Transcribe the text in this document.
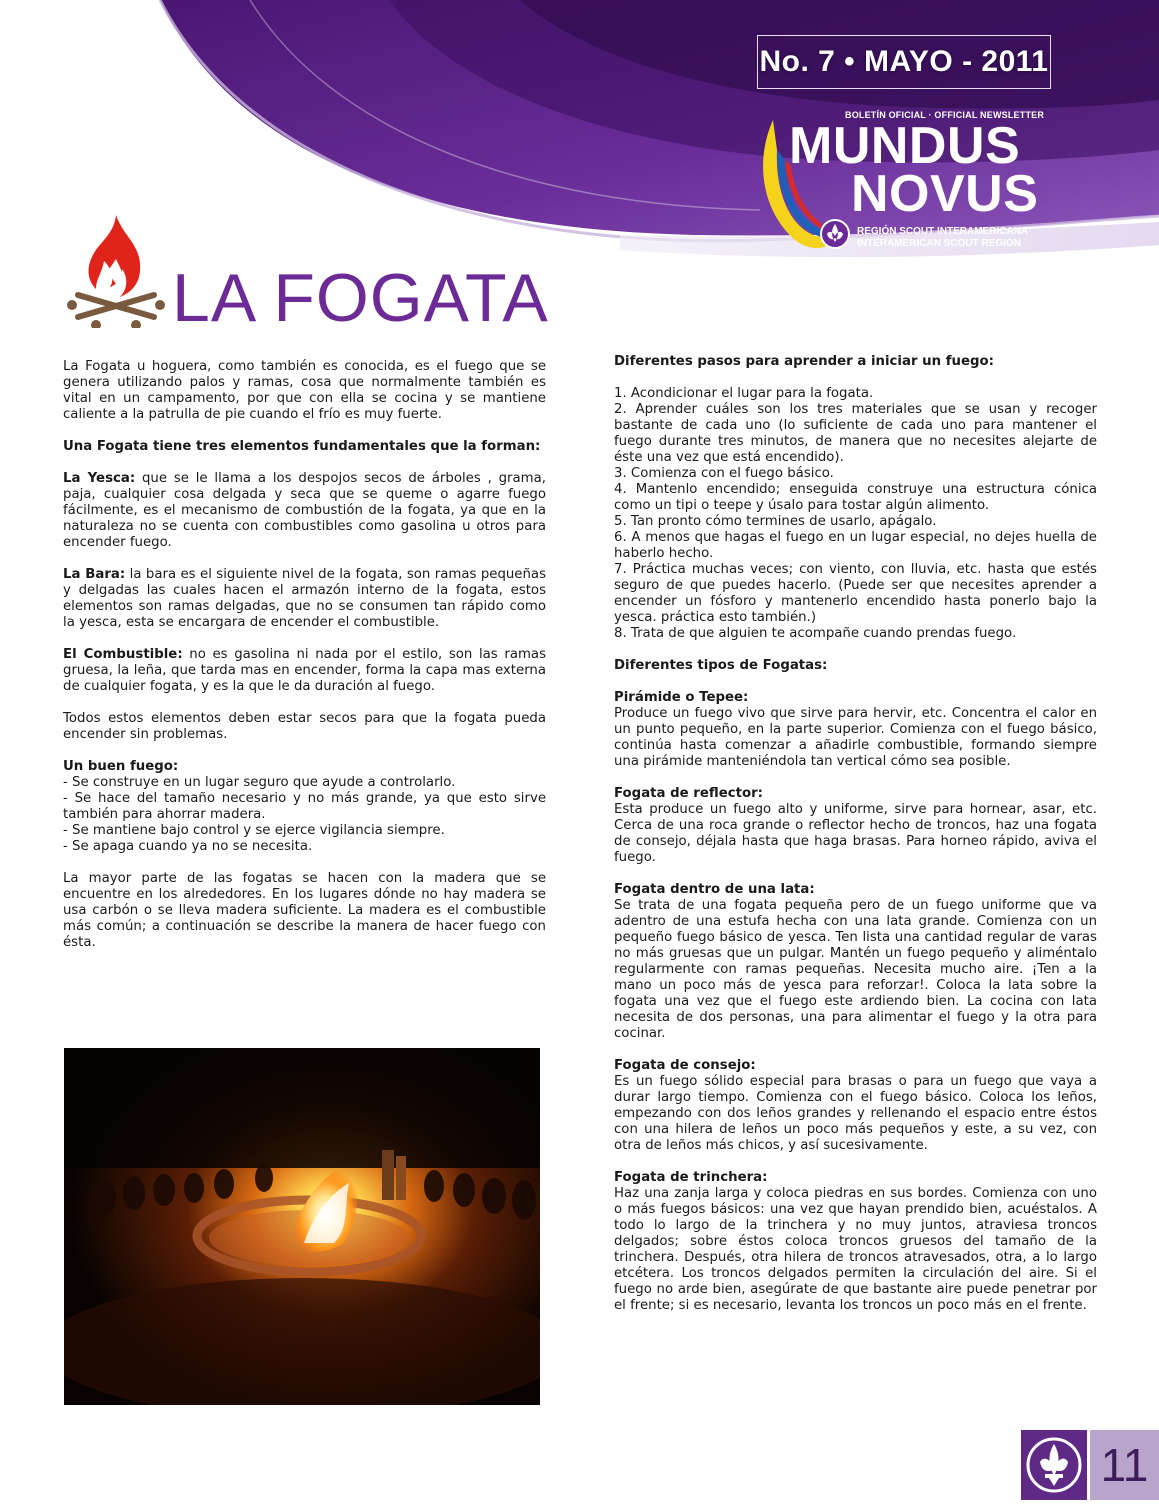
No. 7 • MAYO - 2011
BOLETÍN OFICIAL · OFFICIAL NEWSLETTER
MUNDUS
NOVUS
REGIÓN SCOUT INTERAMERICANA
INTERAMERICAN SCOUT REGION
LA FOGATA

La Fogata u hoguera, como también es conocida, es el fuego que se genera utilizando palos y ramas, cosa que normalmente también es vital en un campamento, por que con ella se cocina y se mantiene caliente a la patrulla de pie cuando el frío es muy fuerte.

Una Fogata tiene tres elementos fundamentales que la forman:

La Yesca: que se le llama a los despojos secos de árboles , grama, paja, cualquier cosa delgada y seca que se queme o agarre fuego fácilmente, es el mecanismo de combustión de la fogata, ya que en la naturaleza no se cuenta con combustibles como gasolina u otros para encender fuego.

La Bara: la bara es el siguiente nivel de la fogata, son ramas pequeñas y delgadas las cuales hacen el armazón interno de la fogata, estos elementos son ramas delgadas, que no se consumen tan rápido como la yesca, esta se encargara de encender el combustible.

El Combustible: no es gasolina ni nada por el estilo, son las ramas gruesa, la leña, que tarda mas en encender, forma la capa mas externa de cualquier fogata, y es la que le da duración al fuego.

Todos estos elementos deben estar secos para que la fogata pueda encender sin problemas.

Un buen fuego:
- Se construye en un lugar seguro que ayude a controlarlo.
- Se hace del tamaño necesario y no más grande, ya que esto sirve también para ahorrar madera.
- Se mantiene bajo control y se ejerce vigilancia siempre.
- Se apaga cuando ya no se necesita.

La mayor parte de las fogatas se hacen con la madera que se encuentre en los alrededores. En los lugares dónde no hay madera se usa carbón o se lleva madera suficiente. La madera es el combustible más común; a continuación se describe la manera de hacer fuego con ésta.

Diferentes pasos para aprender a iniciar un fuego:

1. Acondicionar el lugar para la fogata.
2. Aprender cuáles son los tres materiales que se usan y recoger bastante de cada uno (lo suficiente de cada uno para mantener el fuego durante tres minutos, de manera que no necesites alejarte de éste una vez que está encendido).
3. Comienza con el fuego básico.
4. Mantenlo encendido; enseguida construye una estructura cónica como un tipi o teepe y úsalo para tostar algún alimento.
5. Tan pronto cómo termines de usarlo, apágalo.
6. A menos que hagas el fuego en un lugar especial, no dejes huella de haberlo hecho.
7. Práctica muchas veces; con viento, con lluvia, etc. hasta que estés seguro de que puedes hacerlo. (Puede ser que necesites aprender a encender un fósforo y mantenerlo encendido hasta ponerlo bajo la yesca. práctica esto también.)
8. Trata de que alguien te acompañe cuando prendas fuego.

Diferentes tipos de Fogatas:

Pirámide o Tepee:
Produce un fuego vivo que sirve para hervir, etc. Concentra el calor en un punto pequeño, en la parte superior. Comienza con el fuego básico, continúa hasta comenzar a añadirle combustible, formando siempre una pirámide manteniéndola tan vertical cómo sea posible.
Fogata de reflector:
Esta produce un fuego alto y uniforme, sirve para hornear, asar, etc. Cerca de una roca grande o reflector hecho de troncos, haz una fogata de consejo, déjala hasta que haga brasas. Para horneo rápido, aviva el fuego.
Fogata dentro de una lata:
Se trata de una fogata pequeña pero de un fuego uniforme que va adentro de una estufa hecha con una lata grande. Comienza con un pequeño fuego básico de yesca. Ten lista una cantidad regular de varas no más gruesas que un pulgar. Mantén un fuego pequeño y aliméntalo regularmente con ramas pequeñas. Necesita mucho aire. ¡Ten a la mano un poco más de yesca para reforzar!. Coloca la lata sobre la fogata una vez que el fuego este ardiendo bien. La cocina con lata necesita de dos personas, una para alimentar el fuego y la otra para cocinar.
Fogata de consejo:
Es un fuego sólido especial para brasas o para un fuego que vaya a durar largo tiempo. Comienza con el fuego básico. Coloca los leños, empezando con dos leños grandes y rellenando el espacio entre éstos con una hilera de leños un poco más pequeños y este, a su vez, con otra de leños más chicos, y así sucesivamente.
Fogata de trinchera:
Haz una zanja larga y coloca piedras en sus bordes. Comienza con uno o más fuegos básicos: una vez que hayan prendido bien, acuéstalos. A todo lo largo de la trinchera y no muy juntos, atraviesa troncos delgados; sobre éstos coloca troncos gruesos del tamaño de la trinchera. Después, otra hilera de troncos atravesados, otra, a lo largo etcétera. Los troncos delgados permiten la circulación del aire. Si el fuego no arde bien, asegúrate de que bastante aire puede penetrar por el frente; si es necesario, levanta los troncos un poco más en el frente.
11
